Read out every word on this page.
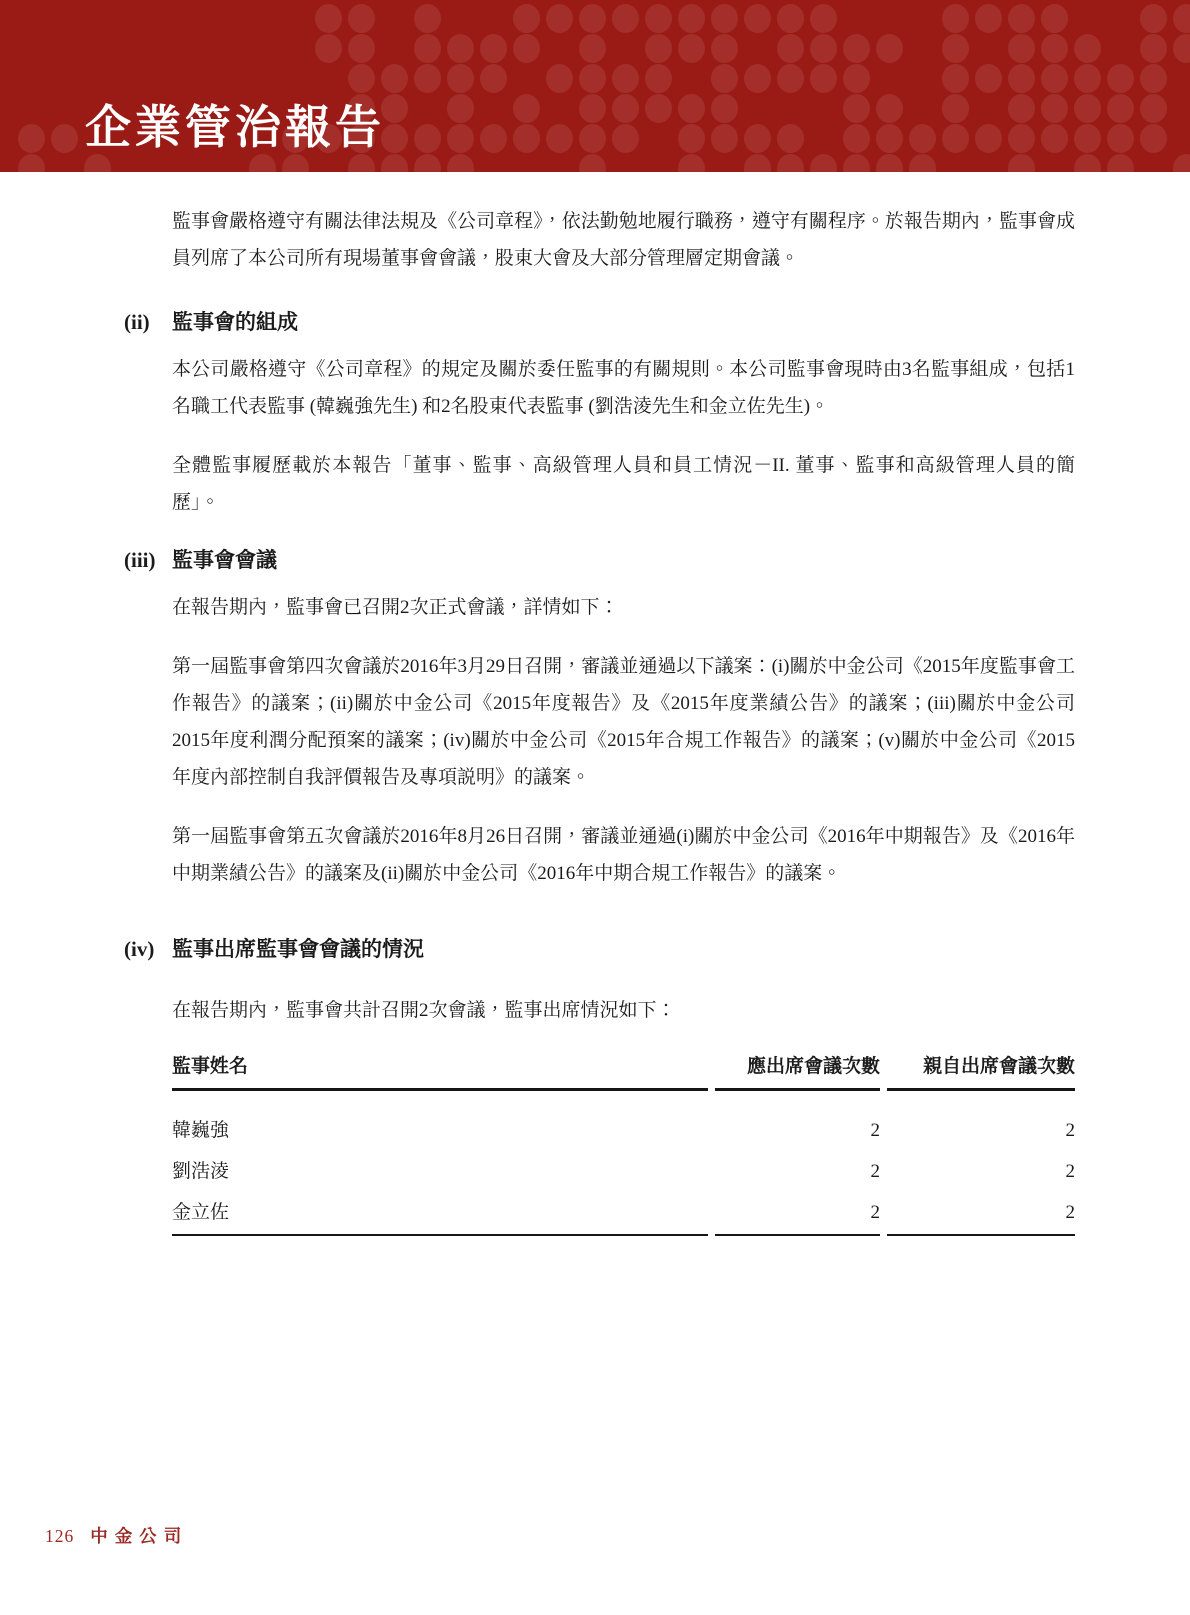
企業管治報告

監事會嚴格遵守有關法律法規及《公司章程》，依法勤勉地履行職務，遵守有關程序。於報告期內，監事會成員列席了本公司所有現場董事會會議，股東大會及大部分管理層定期會議。

(ii) 監事會的組成

本公司嚴格遵守《公司章程》的規定及關於委任監事的有關規則。本公司監事會現時由3名監事組成，包括1名職工代表監事 (韓巍強先生) 和2名股東代表監事 (劉浩淩先生和金立佐先生)。

全體監事履歷載於本報告「董事、監事、高級管理人員和員工情況－II. 董事、監事和高級管理人員的簡歷」。

(iii) 監事會會議

在報告期內，監事會已召開2次正式會議，詳情如下：

第一屆監事會第四次會議於2016年3月29日召開，審議並通過以下議案：(i)關於中金公司《2015年度監事會工作報告》的議案；(ii)關於中金公司《2015年度報告》及《2015年度業績公告》的議案；(iii)關於中金公司2015年度利潤分配預案的議案；(iv)關於中金公司《2015年合規工作報告》的議案；(v)關於中金公司《2015年度內部控制自我評價報告及專項説明》的議案。

第一屆監事會第五次會議於2016年8月26日召開，審議並通過(i)關於中金公司《2016年中期報告》及《2016年中期業績公告》的議案及(ii)關於中金公司《2016年中期合規工作報告》的議案。

(iv) 監事出席監事會會議的情況

在報告期內，監事會共計召開2次會議，監事出席情況如下：

監事姓名	應出席會議次數	親自出席會議次數
韓巍強	2	2
劉浩淩	2	2
金立佐	2	2
126 中金公司
